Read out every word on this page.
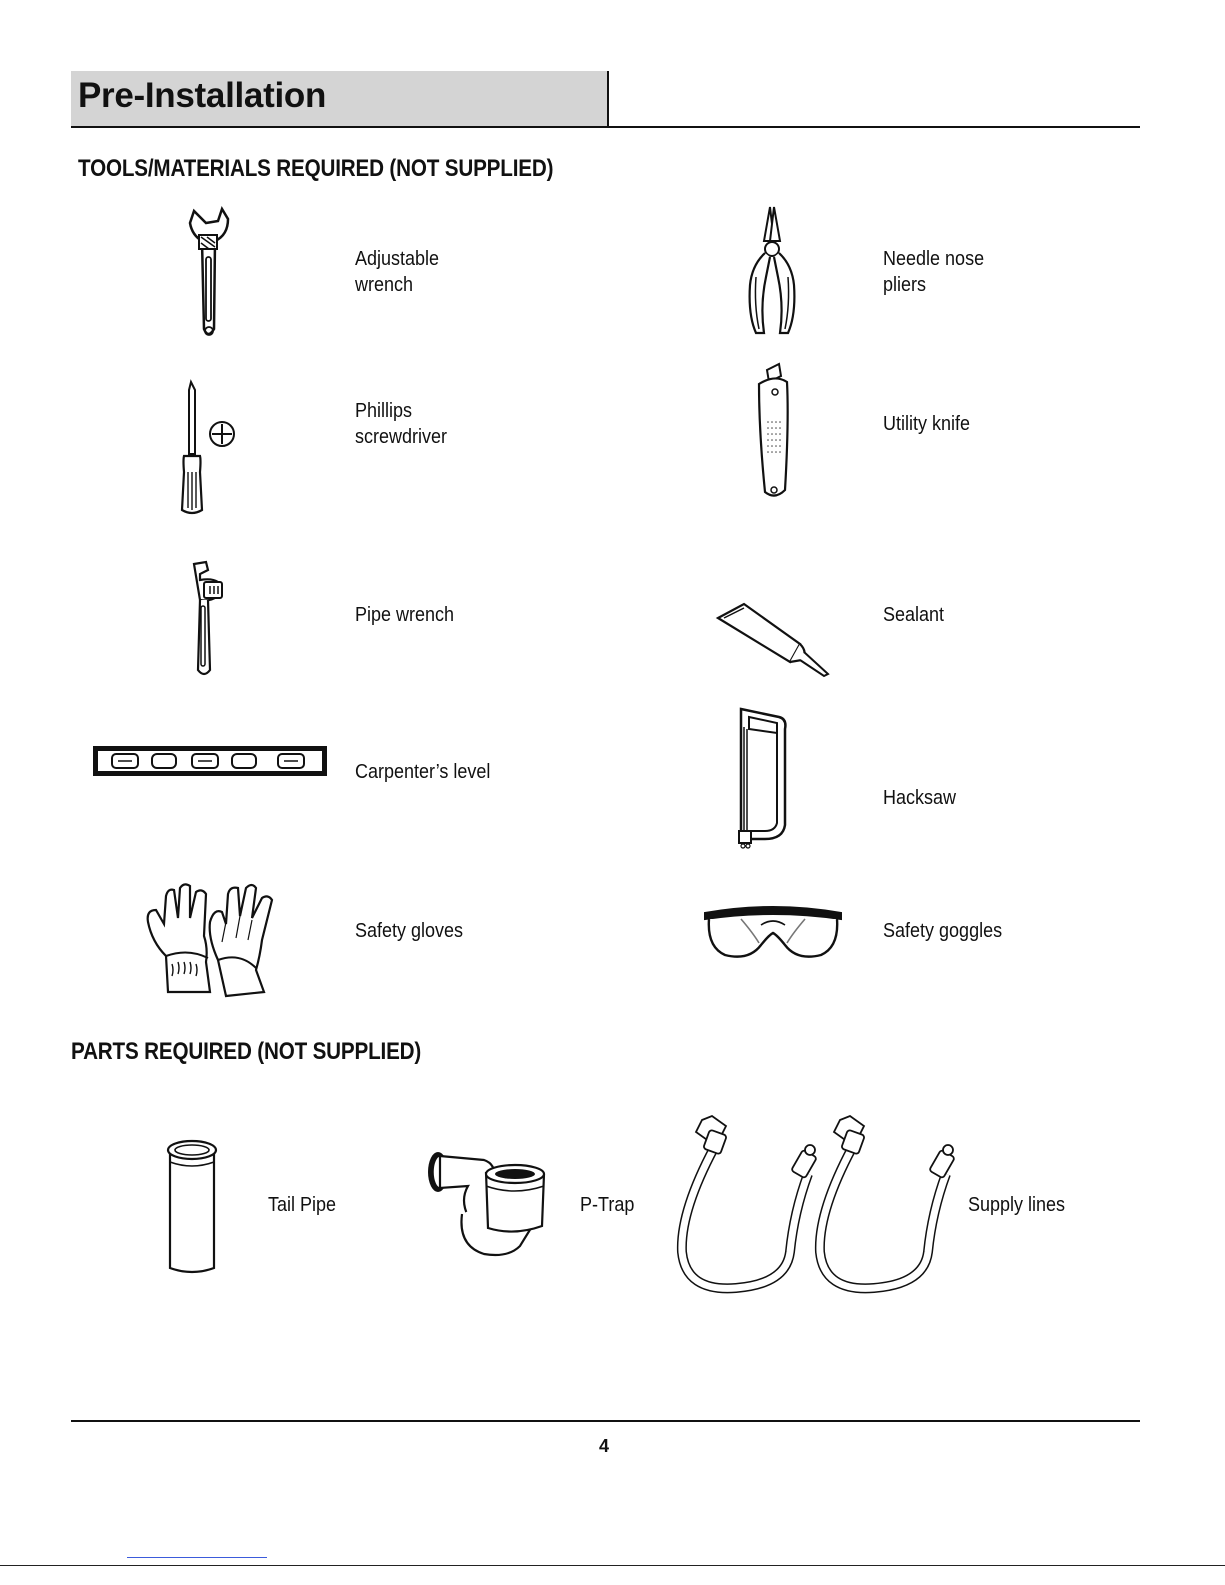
Pre-Installation
TOOLS/MATERIALS REQUIRED (NOT SUPPLIED)
Adjustable
wrench
Needle nose
pliers
Phillips
screwdriver
Utility knife
Pipe wrench	Sealant
Carpenter’s level
Hacksaw
Safety gloves	Safety goggles
PARTS REQUIRED (NOT SUPPLIED)
Tail Pipe	P-Trap	Supply lines
4
